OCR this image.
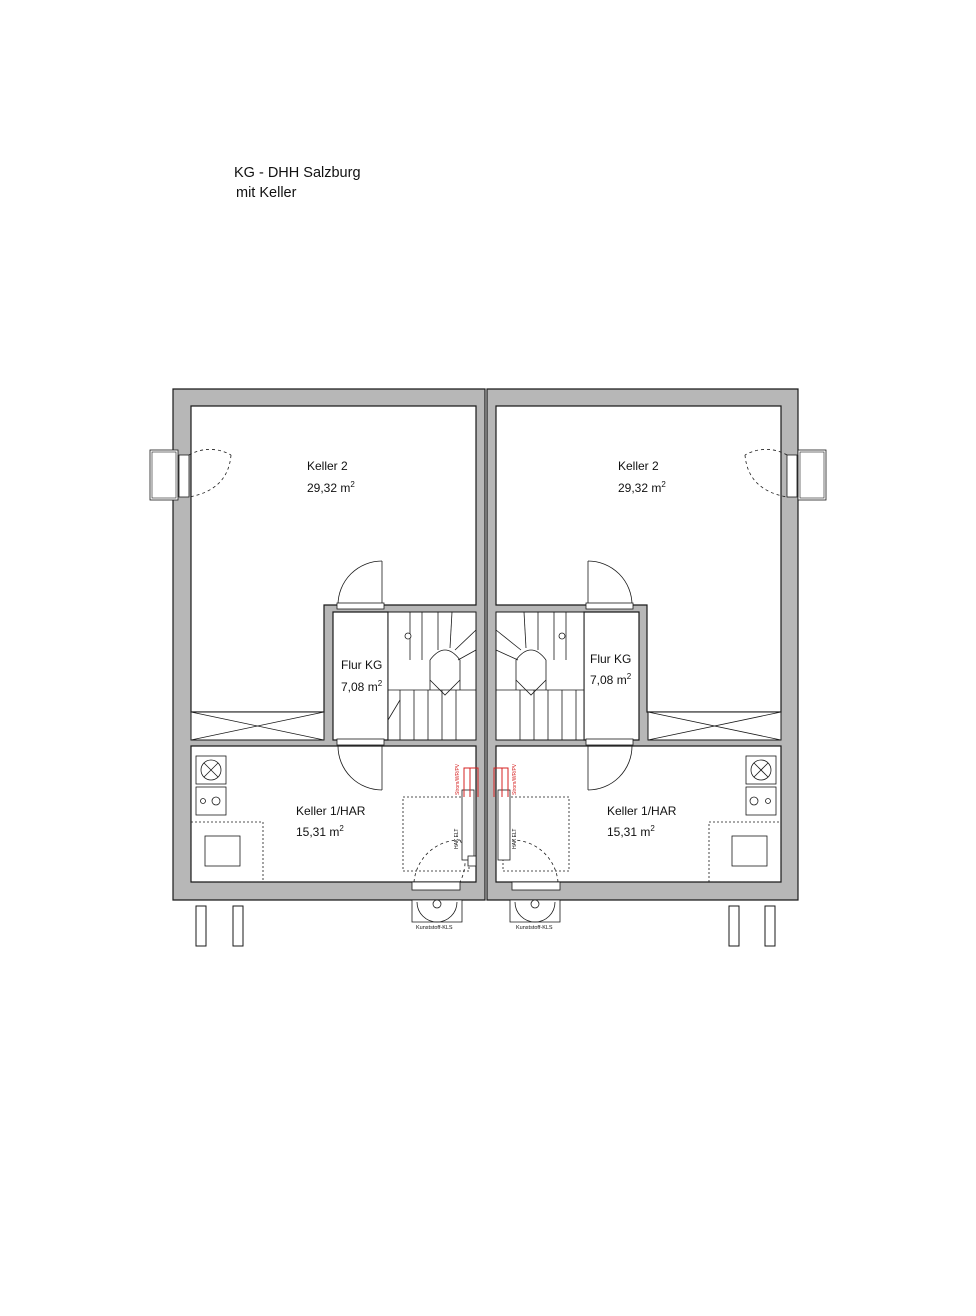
KG - DHH Salzburg
mit Keller
Keller 2
29,32 $m^2$
Flur KG
7,08 $m^2$
Keller 1/HAR
15,31 $m^2$
HAK ELT
Strom/WR/PV
Kunststoff-KLS
Keller 2
29,32 $m^2$
Flur KG
7,08 $m^2$
Keller 1/HAR
15,31 $m^2$
HAK ELT
Strom/WR/PV
Kunststoff-KLS
